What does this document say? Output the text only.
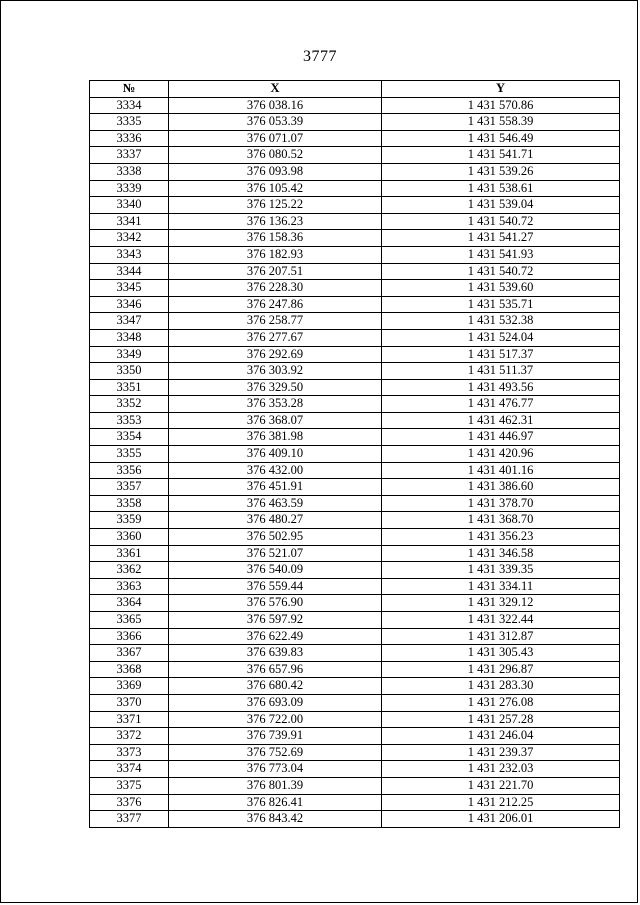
3777
№	X	Y
3334	376 038.16	1 431 570.86
3335	376 053.39	1 431 558.39
3336	376 071.07	1 431 546.49
3337	376 080.52	1 431 541.71
3338	376 093.98	1 431 539.26
3339	376 105.42	1 431 538.61
3340	376 125.22	1 431 539.04
3341	376 136.23	1 431 540.72
3342	376 158.36	1 431 541.27
3343	376 182.93	1 431 541.93
3344	376 207.51	1 431 540.72
3345	376 228.30	1 431 539.60
3346	376 247.86	1 431 535.71
3347	376 258.77	1 431 532.38
3348	376 277.67	1 431 524.04
3349	376 292.69	1 431 517.37
3350	376 303.92	1 431 511.37
3351	376 329.50	1 431 493.56
3352	376 353.28	1 431 476.77
3353	376 368.07	1 431 462.31
3354	376 381.98	1 431 446.97
3355	376 409.10	1 431 420.96
3356	376 432.00	1 431 401.16
3357	376 451.91	1 431 386.60
3358	376 463.59	1 431 378.70
3359	376 480.27	1 431 368.70
3360	376 502.95	1 431 356.23
3361	376 521.07	1 431 346.58
3362	376 540.09	1 431 339.35
3363	376 559.44	1 431 334.11
3364	376 576.90	1 431 329.12
3365	376 597.92	1 431 322.44
3366	376 622.49	1 431 312.87
3367	376 639.83	1 431 305.43
3368	376 657.96	1 431 296.87
3369	376 680.42	1 431 283.30
3370	376 693.09	1 431 276.08
3371	376 722.00	1 431 257.28
3372	376 739.91	1 431 246.04
3373	376 752.69	1 431 239.37
3374	376 773.04	1 431 232.03
3375	376 801.39	1 431 221.70
3376	376 826.41	1 431 212.25
3377	376 843.42	1 431 206.01
